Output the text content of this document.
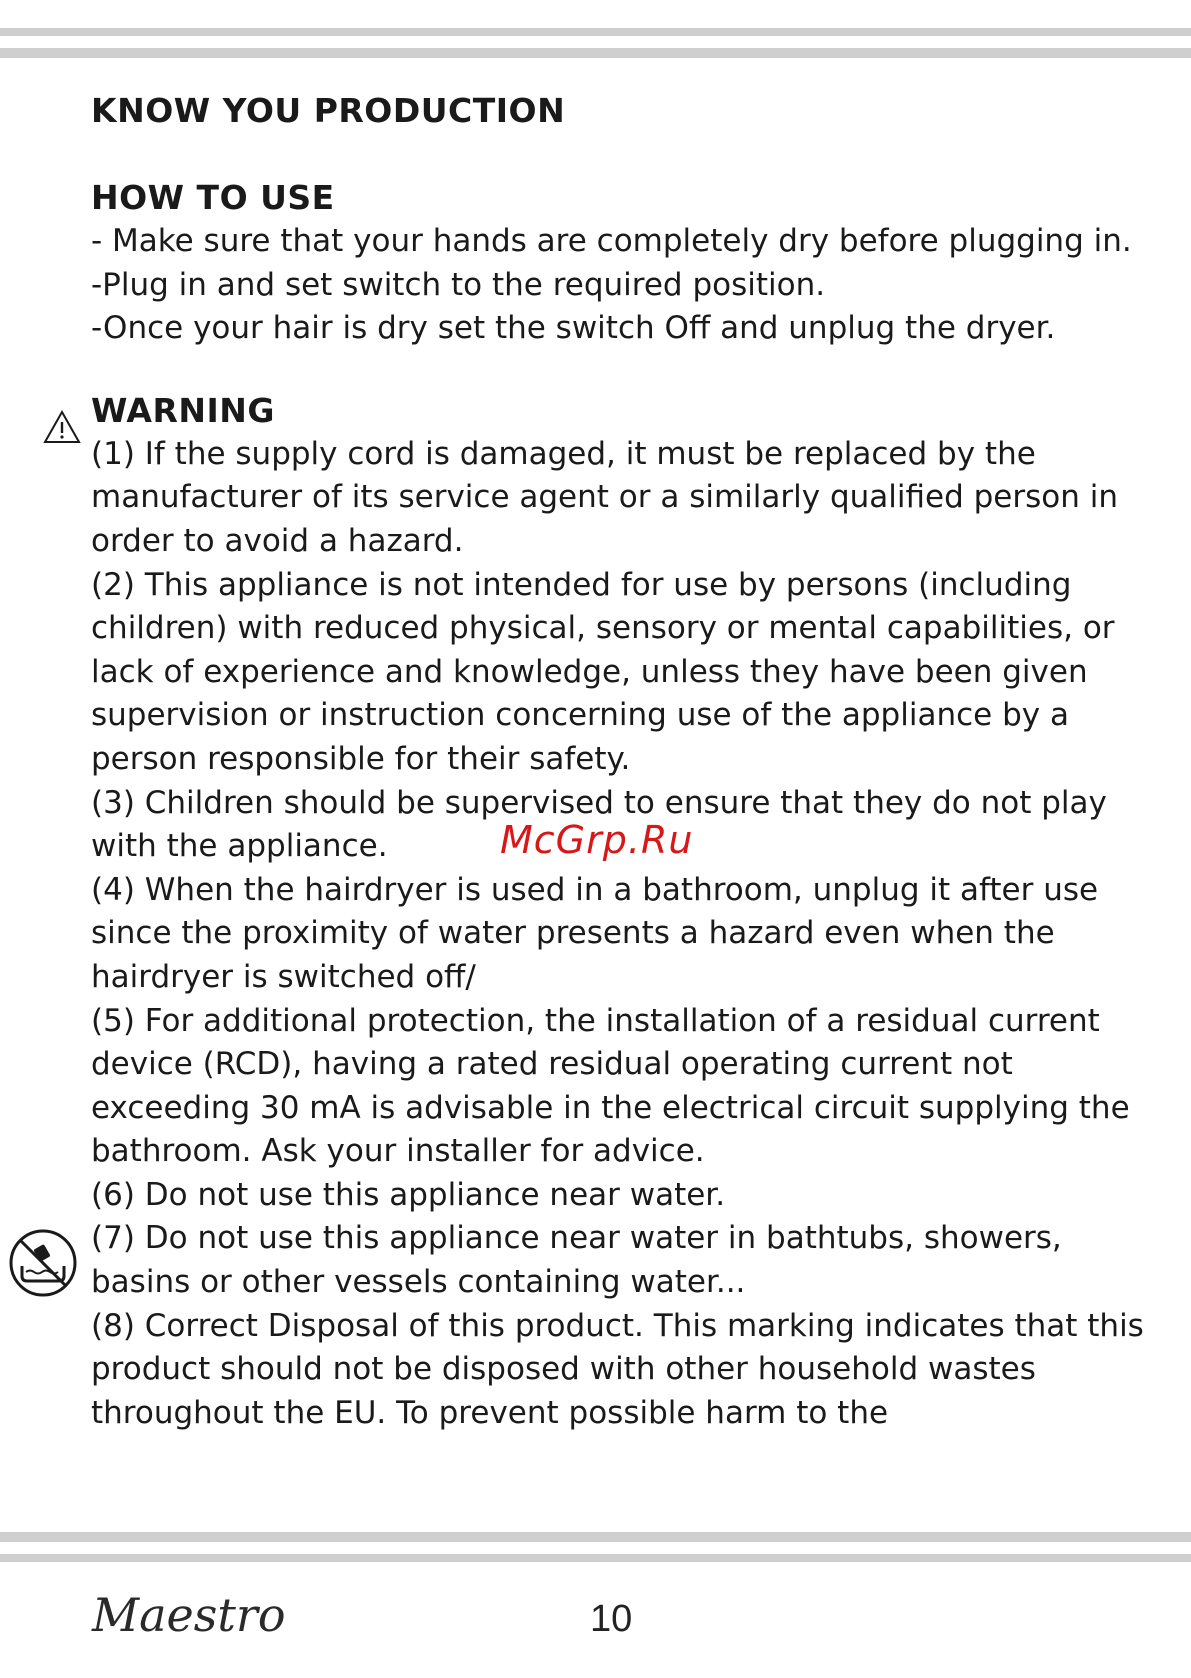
KNOW YOU PRODUCTION
HOW TO USE
- Make sure that your hands are completely dry before plugging in.
-Plug in and set switch to the required position.
-Once your hair is dry set the switch Off and unplug the dryer.
WARNING
(1) If the supply cord is damaged, it must be replaced by the
manufacturer of its service agent or a similarly qualified person in
order to avoid a hazard.
(2) This appliance is not intended for use by persons (including
children) with reduced physical, sensory or mental capabilities, or
lack of experience and knowledge, unless they have been given
supervision or instruction concerning use of the appliance by a
person responsible for their safety.
(3) Children should be supervised to ensure that they do not play
with the appliance.
(4) When the hairdryer is used in a bathroom, unplug it after use
since the proximity of water presents a hazard even when the
hairdryer is switched off/
(5) For additional protection, the installation of a residual current
device (RCD), having a rated residual operating current not
exceeding 30 mA is advisable in the electrical circuit supplying the
bathroom. Ask your installer for advice.
(6) Do not use this appliance near water.
(7) Do not use this appliance near water in bathtubs, showers,
basins or other vessels containing water...
(8) Correct Disposal of this product. This marking indicates that this
product should not be disposed with other household wastes
throughout the EU. To prevent possible harm to the
McGrp.Ru
Maestro	10
